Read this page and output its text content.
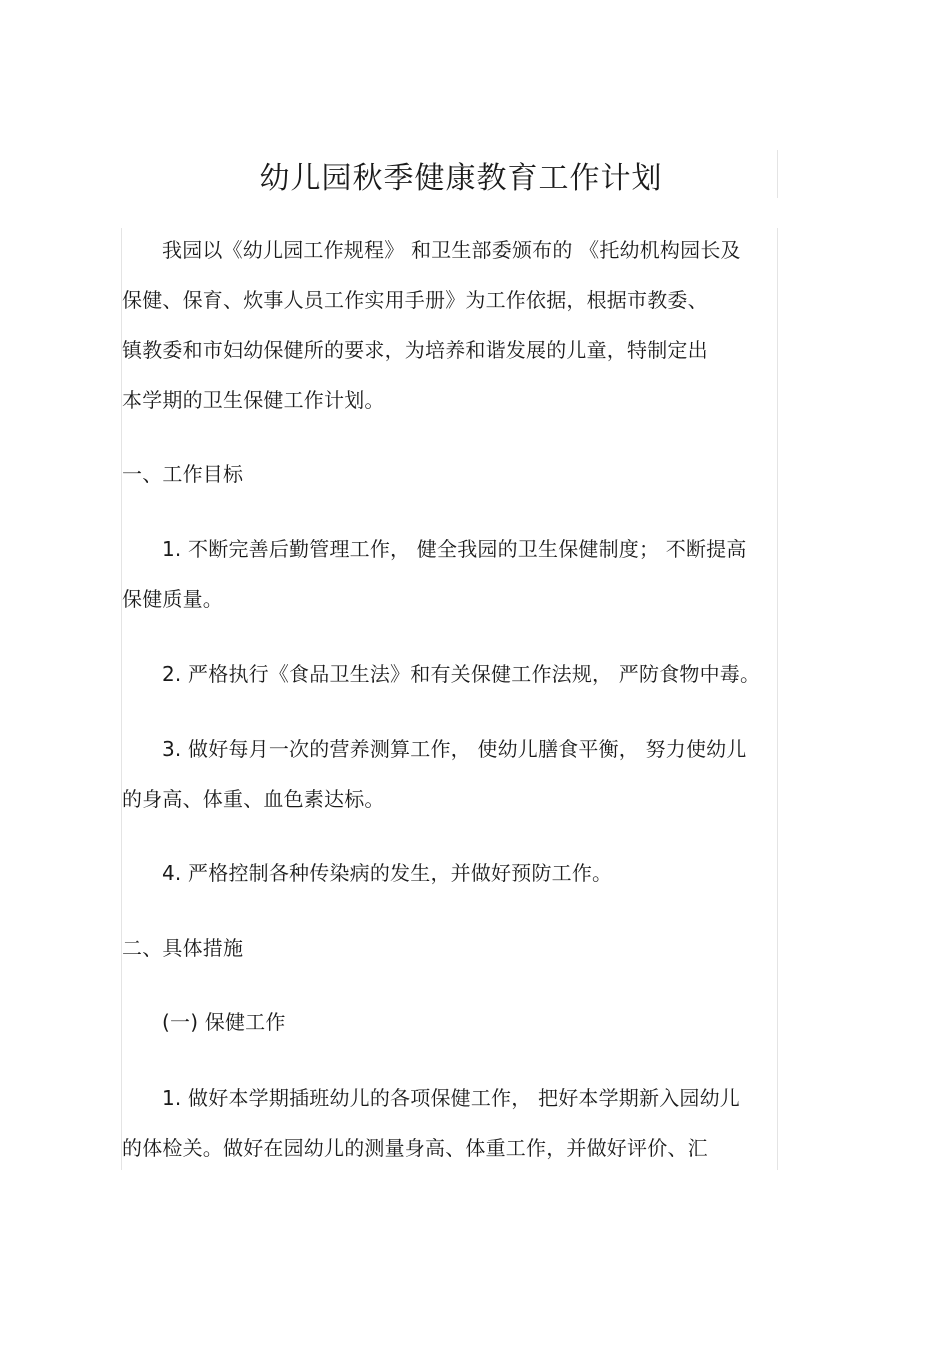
幼儿园秋季健康教育工作计划
我园以《幼儿园工作规程》 和卫生部委颁布的 《托幼机构园长及
保健、保育、炊事人员工作实用手册》为工作依据，根据市教委、
镇教委和市妇幼保健所的要求，为培养和谐发展的儿童，特制定出
本学期的卫生保健工作计划。
一、工作目标
1. 不断完善后勤管理工作， 健全我园的卫生保健制度； 不断提高
保健质量。
2. 严格执行《食品卫生法》和有关保健工作法规， 严防食物中毒。
3. 做好每月一次的营养测算工作， 使幼儿膳食平衡， 努力使幼儿
的身高、体重、血色素达标。
4. 严格控制各种传染病的发生，并做好预防工作。
二、具体措施
(一) 保健工作
1. 做好本学期插班幼儿的各项保健工作， 把好本学期新入园幼儿
的体检关。做好在园幼儿的测量身高、体重工作，并做好评价、汇
